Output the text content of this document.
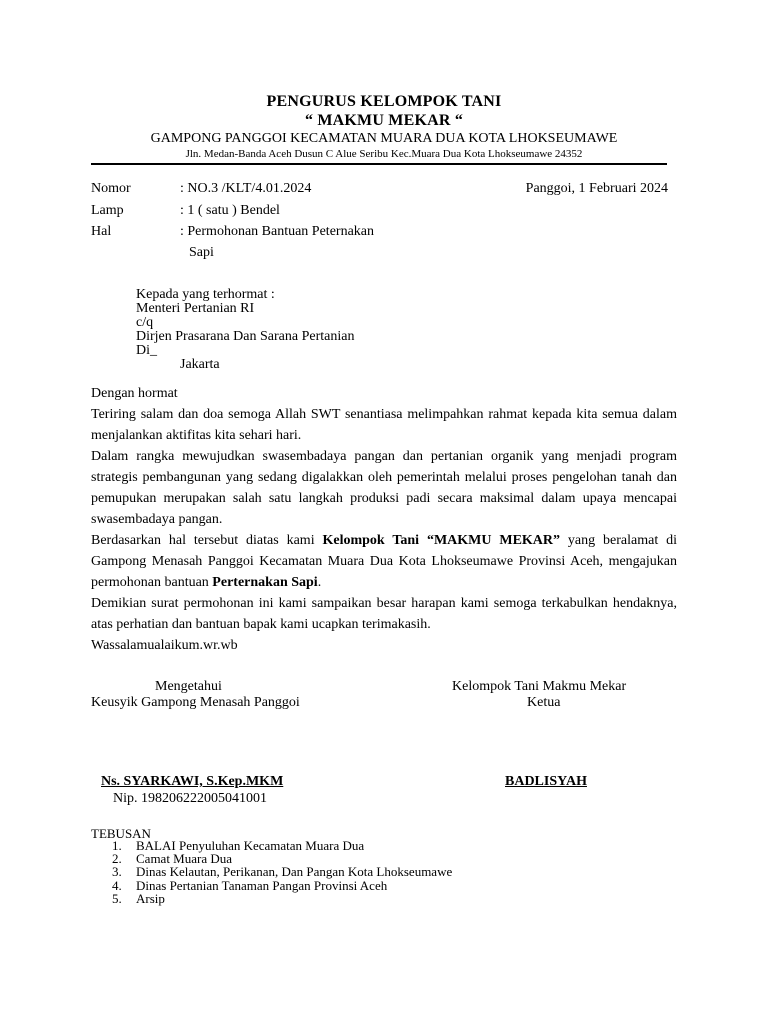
PENGURUS KELOMPOK TANI
“ MAKMU MEKAR “
GAMPONG PANGGOI KECAMATAN MUARA DUA KOTA LHOKSEUMAWE
Jln. Medan-Banda Aceh Dusun C Alue Seribu Kec.Muara Dua Kota Lhokseumawe 24352
Nomor	: NO.3 /KLT/4.01.2024	Panggoi, 1 Februari 2024
Lamp	: 1 ( satu ) Bendel
Hal	: Permohonan Bantuan Peternakan
Sapi
Kepada yang terhormat :
Menteri Pertanian RI
c/q
Dirjen Prasarana Dan Sarana Pertanian
Di_
Jakarta

Dengan hormat

Teriring salam dan doa semoga Allah SWT senantiasa melimpahkan rahmat kepada kita semua dalam menjalankan aktifitas kita sehari hari.

Dalam rangka mewujudkan swasembadaya pangan dan pertanian organik yang menjadi program strategis pembangunan yang sedang digalakkan oleh pemerintah melalui proses pengelohan tanah dan pemupukan merupakan salah satu langkah produksi padi secara maksimal dalam upaya mencapai swasembadaya pangan.

Berdasarkan hal tersebut diatas kami Kelompok Tani “MAKMU MEKAR” yang beralamat di Gampong Menasah Panggoi Kecamatan Muara Dua Kota Lhokseumawe Provinsi Aceh, mengajukan permohonan bantuan Perternakan Sapi.

Demikian surat permohonan ini kami sampaikan besar harapan kami semoga terkabulkan hendaknya, atas perhatian dan bantuan bapak kami ucapkan terimakasih.

Wassalamualaikum.wr.wb

Mengetahui
Keusyik Gampong Menasah Panggoi
Kelompok Tani Makmu Mekar
Ketua
Ns. SYARKAWI, S.Kep.MKM
Nip. 198206222005041001
BADLISYAH
TEBUSAN
1. BALAI Penyuluhan Kecamatan Muara Dua
2. Camat Muara Dua
3. Dinas Kelautan, Perikanan, Dan Pangan Kota Lhokseumawe
4. Dinas Pertanian Tanaman Pangan Provinsi Aceh
5. Arsip
